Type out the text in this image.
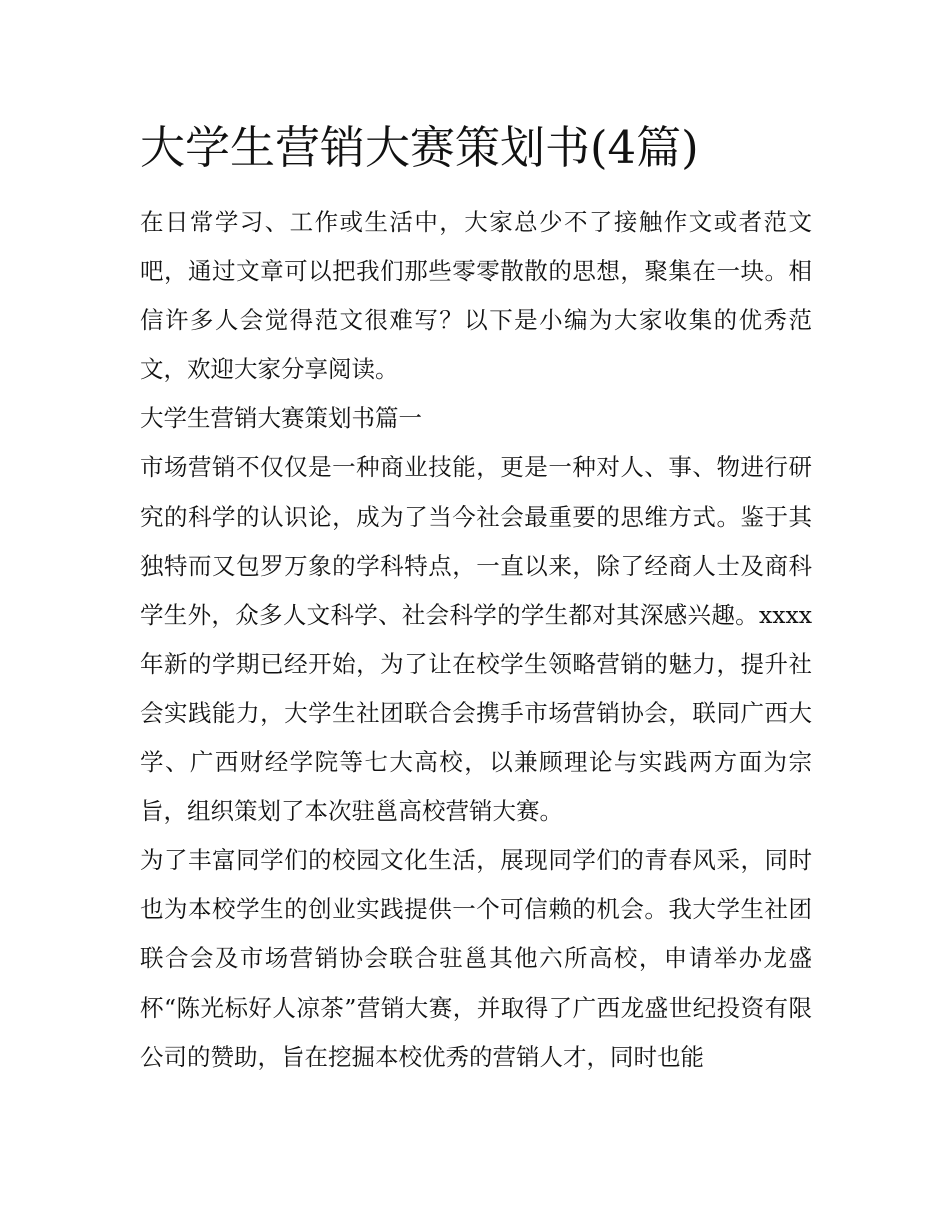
大学生营销大赛策划书(4篇)

在日常学习、工作或生活中，大家总少不了接触作文或者范文吧，通过文章可以把我们那些零零散散的思想，聚集在一块。相信许多人会觉得范文很难写？以下是小编为大家收集的优秀范文，欢迎大家分享阅读。

大学生营销大赛策划书篇一

市场营销不仅仅是一种商业技能，更是一种对人、事、物进行研究的科学的认识论，成为了当今社会最重要的思维方式。鉴于其独特而又包罗万象的学科特点，一直以来，除了经商人士及商科学生外，众多人文科学、社会科学的学生都对其深感兴趣。xxxx年新的学期已经开始，为了让在校学生领略营销的魅力，提升社会实践能力，大学生社团联合会携手市场营销协会，联同广西大学、广西财经学院等七大高校，以兼顾理论与实践两方面为宗旨，组织策划了本次驻邕高校营销大赛。

为了丰富同学们的校园文化生活，展现同学们的青春风采，同时也为本校学生的创业实践提供一个可信赖的机会。我大学生社团联合会及市场营销协会联合驻邕其他六所高校，申请举办龙盛杯“陈光标好人凉茶”营销大赛，并取得了广西龙盛世纪投资有限公司的赞助，旨在挖掘本校优秀的营销人才，同时也能
